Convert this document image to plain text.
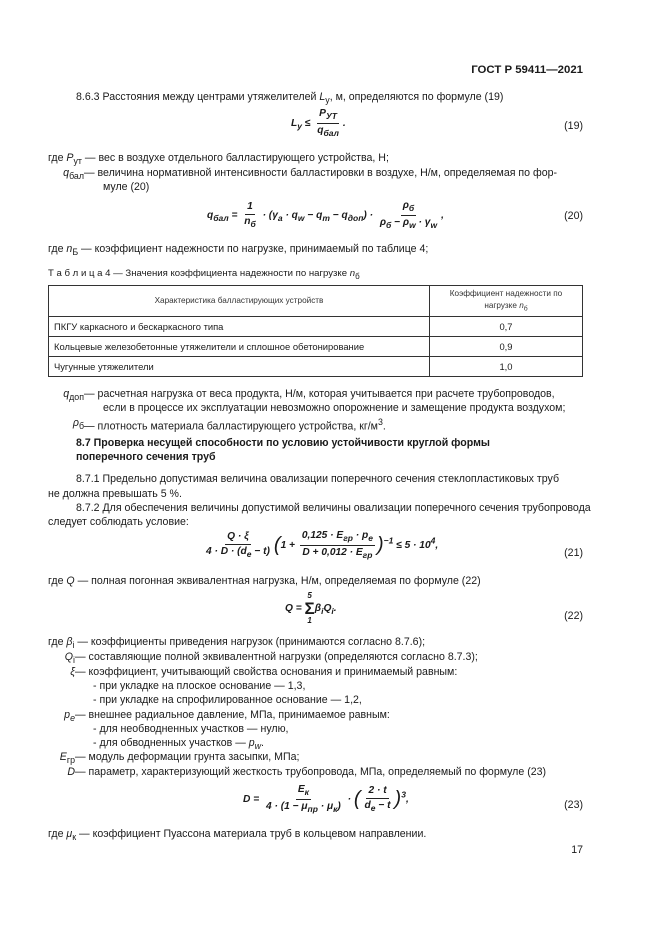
ГОСТ Р 59411—2021
8.6.3 Расстояния между центрами утяжелителей $L_у$, м, определяются по формуле (19)
$L_у \le \frac{P_{УТ}}{q_{бал}}$ .	(19)
где $P_{ут}$ — вес в воздухе отдельного балластирующего устройства, Н;
$q_{бал}$ — величина нормативной интенсивности балластировки в воздухе, Н/м, определяемая по фор-
муле (20)
$q_{бал} = \frac{1}{n_б} \cdot (\gamma_а \cdot q_w - q_т - q_{доп}) \cdot \frac{\rho_б}{\rho_б - \rho_w \cdot \gamma_w}$ ,	(20)
где $n_Б$ — коэффициент надежности по нагрузке, принимаемый по таблице 4;
Т а б л и ц а 4 — Значения коэффициента надежности по нагрузке $n_б$
Характеристика балластирующих устройств	Коэффициент надежности по
нагрузке $n_б$
ПКГУ каркасного и бескаркасного типа	0,7
Кольцевые железобетонные утяжелители и сплошное обетонирование	0,9
Чугунные утяжелители	1,0
$q_{доп}$ — расчетная нагрузка от веса продукта, Н/м, которая учитывается при расчете трубопроводов,
если в процессе их эксплуатации невозможно опорожнение и замещение продукта воздухом;
$\rho_б$ — плотность материала балластирующего устройства, $кг/м^3$.
8.7 Проверка несущей способности по условию устойчивости круглой формы
поперечного сечения труб
8.7.1 Предельно допустимая величина овализации поперечного сечения стеклопластиковых труб
не должна превышать 5 %.
8.7.2 Для обеспечения величины допустимой величины овализации поперечного сечения трубопровода
следует соблюдать условие:
$\frac{Q \cdot \xi}{4 \cdot D \cdot (d_e - t)} (1 + \frac{0,125 \cdot E_{гр} \cdot p_e}{D + 0,012 \cdot E_{гр}} )^{-1} \le 5 \cdot 10^4$,
(21)
где Q — полная погонная эквивалентная нагрузка, Н/м, определяемая по формуле (22)
Q =
5
Σ
1
$\beta_iQ_i$.
(22)
где $\beta_i$ — коэффициенты приведения нагрузок (принимаются согласно 8.7.6);
$Q_i$ — составляющие полной эквивалентной нагрузки (определяются согласно 8.7.3);
ξ — коэффициент, учитывающий свойства основания и принимаемый равным:
- при укладке на плоское основание — 1,3,
- при укладке на спрофилированное основание — 1,2,
$p_e$ — внешнее радиальное давление, МПа, принимаемое равным:
- для необводненных участков — нулю,
- для обводненных участков — $p_w$.
$E_{гр}$ — модуль деформации грунта засыпки, МПа;
D — параметр, характеризующий жесткость трубопровода, МПа, определяемый по формуле (23)
$D = \frac{E_к}{4 \cdot (1 - \mu_{пр} \cdot \mu_к)}$ · ( $\frac{2 \cdot t}{d_e - t} )^3$,	(23)
где $\mu_к$ — коэффициент Пуассона материала труб в кольцевом направлении.
17
